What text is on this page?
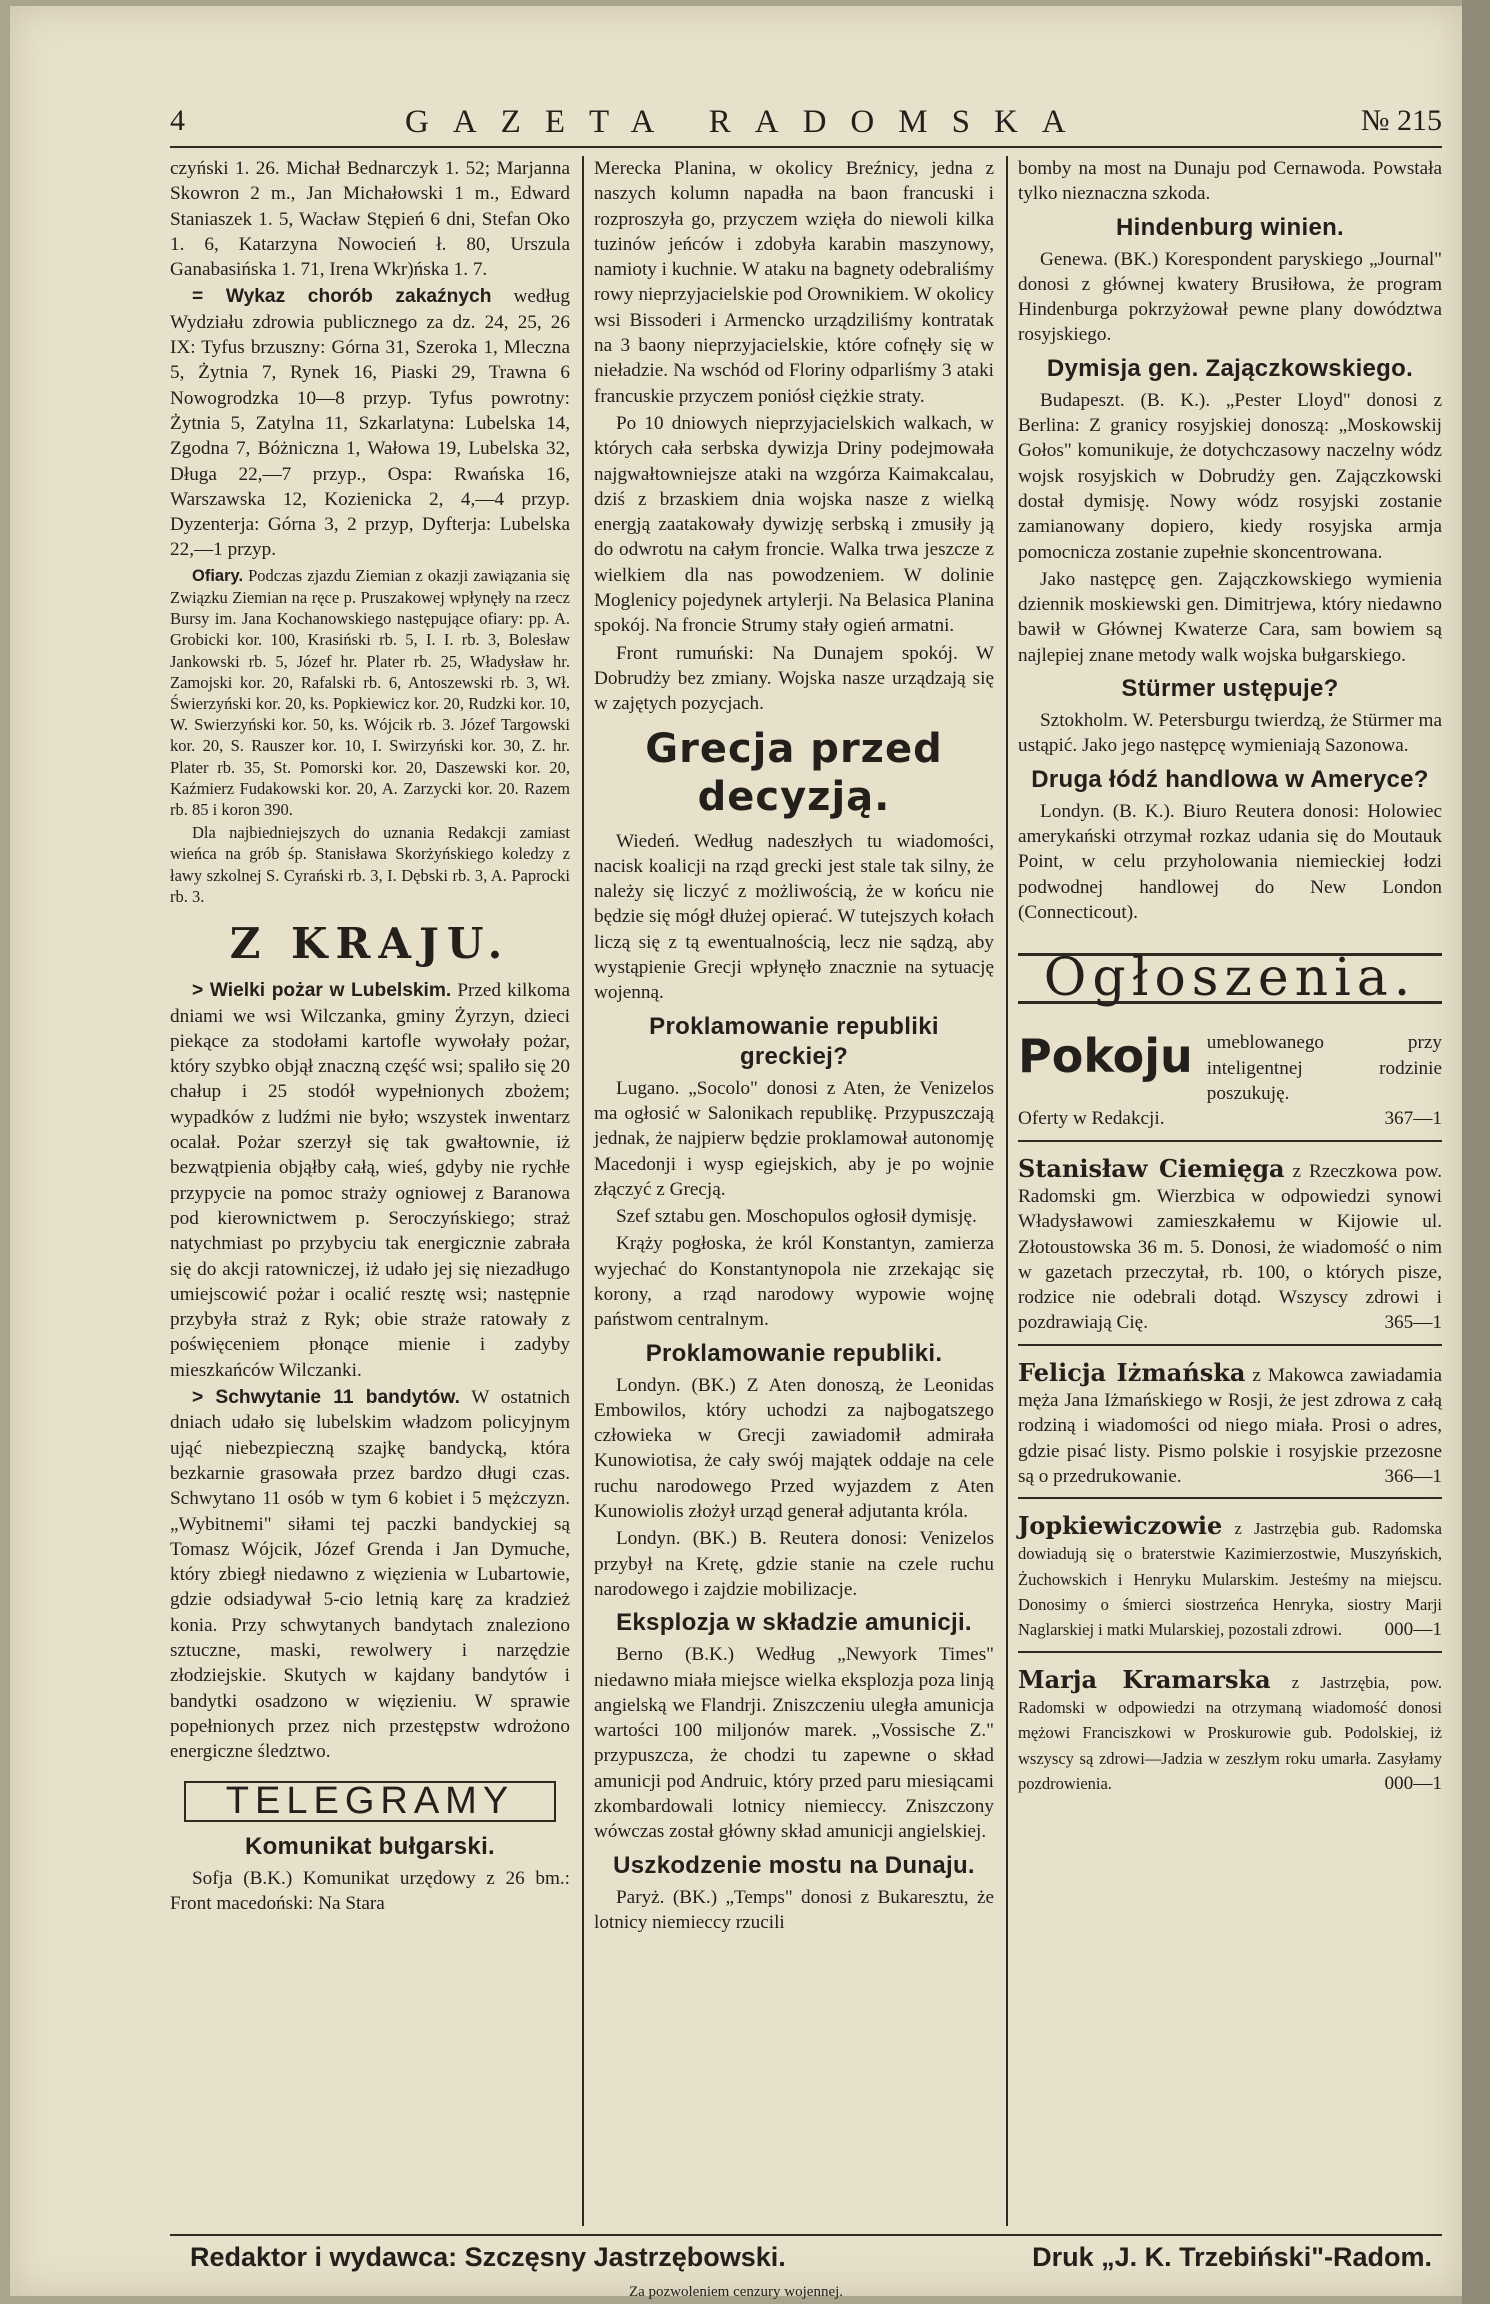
4	GAZETA RADOMSKA	№ 215

czyński 1. 26. Michał Bednarczyk 1. 52; Marjanna Skowron 2 m., Jan Michałowski 1 m., Edward Staniaszek 1. 5, Wacław Stępień 6 dni, Stefan Oko 1. 6, Katarzyna Nowocień ł. 80, Urszula Ganabasińska 1. 71, Irena Wkr)ńska 1. 7.

= Wykaz chorób zakaźnych według Wydziału zdrowia publicznego za dz. 24, 25, 26 IX: Tyfus brzuszny: Górna 31, Szeroka 1, Mleczna 5, Żytnia 7, Rynek 16, Piaski 29, Trawna 6 Nowogrodzka 10—8 przyp. Tyfus powrotny: Żytnia 5, Zatylna 11, Szkarlatyna: Lubelska 14, Zgodna 7, Bóżniczna 1, Wałowa 19, Lubelska 32, Długa 22,—7 przyp., Ospa: Rwańska 16, Warszawska 12, Kozienicka 2, 4,—4 przyp. Dyzenterja: Górna 3, 2 przyp, Dyfterja: Lubelska 22,—1 przyp.

Ofiary. Podczas zjazdu Ziemian z okazji zawiązania się Związku Ziemian na ręce p. Pruszakowej wpłynęły na rzecz Bursy im. Jana Kochanowskiego następujące ofiary: pp. A. Grobicki kor. 100, Krasiński rb. 5, I. I. rb. 3, Bolesław Jankowski rb. 5, Józef hr. Plater rb. 25, Władysław hr. Zamojski kor. 20, Rafalski rb. 6, Antoszewski rb. 3, Wł. Świerzyński kor. 20, ks. Popkiewicz kor. 20, Rudzki kor. 10, W. Swierzyński kor. 50, ks. Wójcik rb. 3. Józef Targowski kor. 20, S. Rauszer kor. 10, I. Swirzyński kor. 30, Z. hr. Plater rb. 35, St. Pomorski kor. 20, Daszewski kor. 20, Kaźmierz Fudakowski kor. 20, A. Zarzycki kor. 20. Razem rb. 85 i koron 390.

Dla najbiedniejszych do uznania Redakcji zamiast wieńca na grób śp. Stanisława Skorżyńskiego koledzy z ławy szkolnej S. Cyrański rb. 3, I. Dębski rb. 3, A. Paprocki rb. 3.

Z KRAJU.

> Wielki pożar w Lubelskim. Przed kilkoma dniami we wsi Wilczanka, gminy Żyrzyn, dzieci piekące za stodołami kartofle wywołały pożar, który szybko objął znaczną część wsi; spaliło się 20 chałup i 25 stodół wypełnionych zbożem; wypadków z ludźmi nie było; wszystek inwentarz ocalał. Pożar szerzył się tak gwałtownie, iż bezwątpienia objąłby całą, wieś, gdyby nie rychłe przypycie na pomoc straży ogniowej z Baranowa pod kierownictwem p. Seroczyńskiego; straż natychmiast po przybyciu tak energicznie zabrała się do akcji ratowniczej, iż udało jej się niezadługo umiejscowić pożar i ocalić resztę wsi; następnie przybyła straż z Ryk; obie straże ratowały z poświęceniem płonące mienie i zadyby mieszkańców Wilczanki.

> Schwytanie 11 bandytów. W ostatnich dniach udało się lubelskim władzom policyjnym ująć niebezpieczną szajkę bandycką, która bezkarnie grasowała przez bardzo długi czas. Schwytano 11 osób w tym 6 kobiet i 5 mężczyzn. „Wybitnemi" siłami tej paczki bandyckiej są Tomasz Wójcik, Józef Grenda i Jan Dymuche, który zbiegł niedawno z więzienia w Lubartowie, gdzie odsiadywał 5-cio letnią karę za kradzież konia. Przy schwytanych bandytach znaleziono sztuczne, maski, rewolwery i narzędzie złodziejskie. Skutych w kajdany bandytów i bandytki osadzono w więzieniu. W sprawie popełnionych przez nich przestępstw wdrożono energiczne śledztwo.

TELEGRAMY
Komunikat bułgarski.

Sofja (B.K.) Komunikat urzędowy z 26 bm.: Front macedoński: Na Stara

Merecka Planina, w okolicy Breźnicy, jedna z naszych kolumn napadła na baon francuski i rozproszyła go, przyczem wzięła do niewoli kilka tuzinów jeńców i zdobyła karabin maszynowy, namioty i kuchnie. W ataku na bagnety odebraliśmy rowy nieprzyjacielskie pod Orownikiem. W okolicy wsi Bissoderi i Armencko urządziliśmy kontratak na 3 baony nieprzyjacielskie, które cofnęły się w nieładzie. Na wschód od Floriny odparliśmy 3 ataki francuskie przyczem poniósł ciężkie straty.

Po 10 dniowych nieprzyjacielskich walkach, w których cała serbska dywizja Driny podejmowała najgwałtowniejsze ataki na wzgórza Kaimakcalau, dziś z brzaskiem dnia wojska nasze z wielką energją zaatakowały dywizję serbską i zmusiły ją do odwrotu na całym froncie. Walka trwa jeszcze z wielkiem dla nas powodzeniem. W dolinie Moglenicy pojedynek artylerji. Na Belasica Planina spokój. Na froncie Strumy stały ogień armatni.

Front rumuński: Na Dunajem spokój. W Dobrudży bez zmiany. Wojska nasze urządzają się w zajętych pozycjach.

Grecja przed decyzją.

Wiedeń. Według nadeszłych tu wiadomości, nacisk koalicji na rząd grecki jest stale tak silny, że należy się liczyć z możliwością, że w końcu nie będzie się mógł dłużej opierać. W tutejszych kołach liczą się z tą ewentualnością, lecz nie sądzą, aby wystąpienie Grecji wpłynęło znacznie na sytuację wojenną.

Proklamowanie republiki greckiej?

Lugano. „Socolo" donosi z Aten, że Venizelos ma ogłosić w Salonikach republikę. Przypuszczają jednak, że najpierw będzie proklamował autonomję Macedonji i wysp egiejskich, aby je po wojnie złączyć z Grecją.

Szef sztabu gen. Moschopulos ogłosił dymisję.

Krąży pogłoska, że król Konstantyn, zamierza wyjechać do Konstantynopola nie zrzekając się korony, a rząd narodowy wypowie wojnę państwom centralnym.

Proklamowanie republiki.

Londyn. (BK.) Z Aten donoszą, że Leonidas Embowilos, który uchodzi za najbogatszego człowieka w Grecji zawiadomił admirała Kunowiotisa, że cały swój majątek oddaje na cele ruchu narodowego Przed wyjazdem z Aten Kunowiolis złożył urząd generał adjutanta króla.

Londyn. (BK.) B. Reutera donosi: Venizelos przybył na Kretę, gdzie stanie na czele ruchu narodowego i zajdzie mobilizacje.

Eksplozja w składzie amunicji.

Berno (B.K.) Według „Newyork Times" niedawno miała miejsce wielka eksplozja poza linją angielską we Flandrji. Zniszczeniu uległa amunicja wartości 100 miljonów marek. „Vossische Z." przypuszcza, że chodzi tu zapewne o skład amunicji pod Andruic, który przed paru miesiącami zkombardowali lotnicy niemieccy. Zniszczony wówczas został główny skład amunicji angielskiej.

Uszkodzenie mostu na Dunaju.

Paryż. (BK.) „Temps" donosi z Bukaresztu, że lotnicy niemieccy rzucili

bomby na most na Dunaju pod Cernawoda. Powstała tylko nieznaczna szkoda.

Hindenburg winien.

Genewa. (BK.) Korespondent paryskiego „Journal" donosi z głównej kwatery Brusiłowa, że program Hindenburga pokrzyżował pewne plany dowództwa rosyjskiego.

Dymisja gen. Zajączkowskiego.

Budapeszt. (B. K.). „Pester Lloyd" donosi z Berlina: Z granicy rosyjskiej donoszą: „Moskowskij Gołos" komunikuje, że dotychczasowy naczelny wódz wojsk rosyjskich w Dobrudży gen. Zajączkowski dostał dymisję. Nowy wódz rosyjski zostanie zamianowany dopiero, kiedy rosyjska armja pomocnicza zostanie zupełnie skoncentrowana.

Jako następcę gen. Zajączkowskiego wymienia dziennik moskiewski gen. Dimitrjewa, który niedawno bawił w Głównej Kwaterze Cara, sam bowiem są najlepiej znane metody walk wojska bułgarskiego.

Stürmer ustępuje?

Sztokholm. W. Petersburgu twierdzą, że Stürmer ma ustąpić. Jako jego następcę wymieniają Sazonowa.

Druga łódź handlowa w Ameryce?

Londyn. (B. K.). Biuro Reutera donosi: Holowiec amerykański otrzymał rozkaz udania się do Moutauk Point, w celu przyholowania niemieckiej łodzi podwodnej handlowej do New London (Connecticout).

Ogłoszenia.
Pokoju umeblowanego przy inteligentnej rodzinie poszukuję.
Oferty w Redakcji.	367—1
Stanisław Ciemięga z Rzeczkowa pow. Radomski gm. Wierzbica w odpowiedzi synowi Władysławowi zamieszkałemu w Kijowie ul. Złotoustowska 36 m. 5. Donosi, że wiadomość o nim w gazetach przeczytał, rb. 100, o których pisze, rodzice nie odebrali dotąd. Wszyscy zdrowi i pozdrawiają Cię.	365—1
Felicja Iżmańska z Makowca zawiadamia męża Jana Iżmańskiego w Rosji, że jest zdrowa z całą rodziną i wiadomości od niego miała. Prosi o adres, gdzie pisać listy. Pismo polskie i rosyjskie przezosne są o przedrukowanie.	366—1
Jopkiewiczowie z Jastrzębia gub. Radomska dowiadują się o braterstwie Kazimierzostwie, Muszyńskich, Żuchowskich i Henryku Mularskim. Jesteśmy na miejscu. Donosimy o śmierci siostrzeńca Henryka, siostry Marji Naglarskiej i matki Mularskiej, pozostali zdrowi. 000—1
Marja Kramarska z Jastrzębia, pow. Radomski w odpowiedzi na otrzymaną wiadomość donosi mężowi Franciszkowi w Proskurowie gub. Podolskiej, iż wszyscy są zdrowi—Jadzia w zeszłym roku umarła. Zasyłamy pozdrowienia.	000—1
Redaktor i wydawca: Szczęsny Jastrzębowski.	Druk „J. K. Trzebiński"-Radom.
Za pozwoleniem cenzury wojennej.
